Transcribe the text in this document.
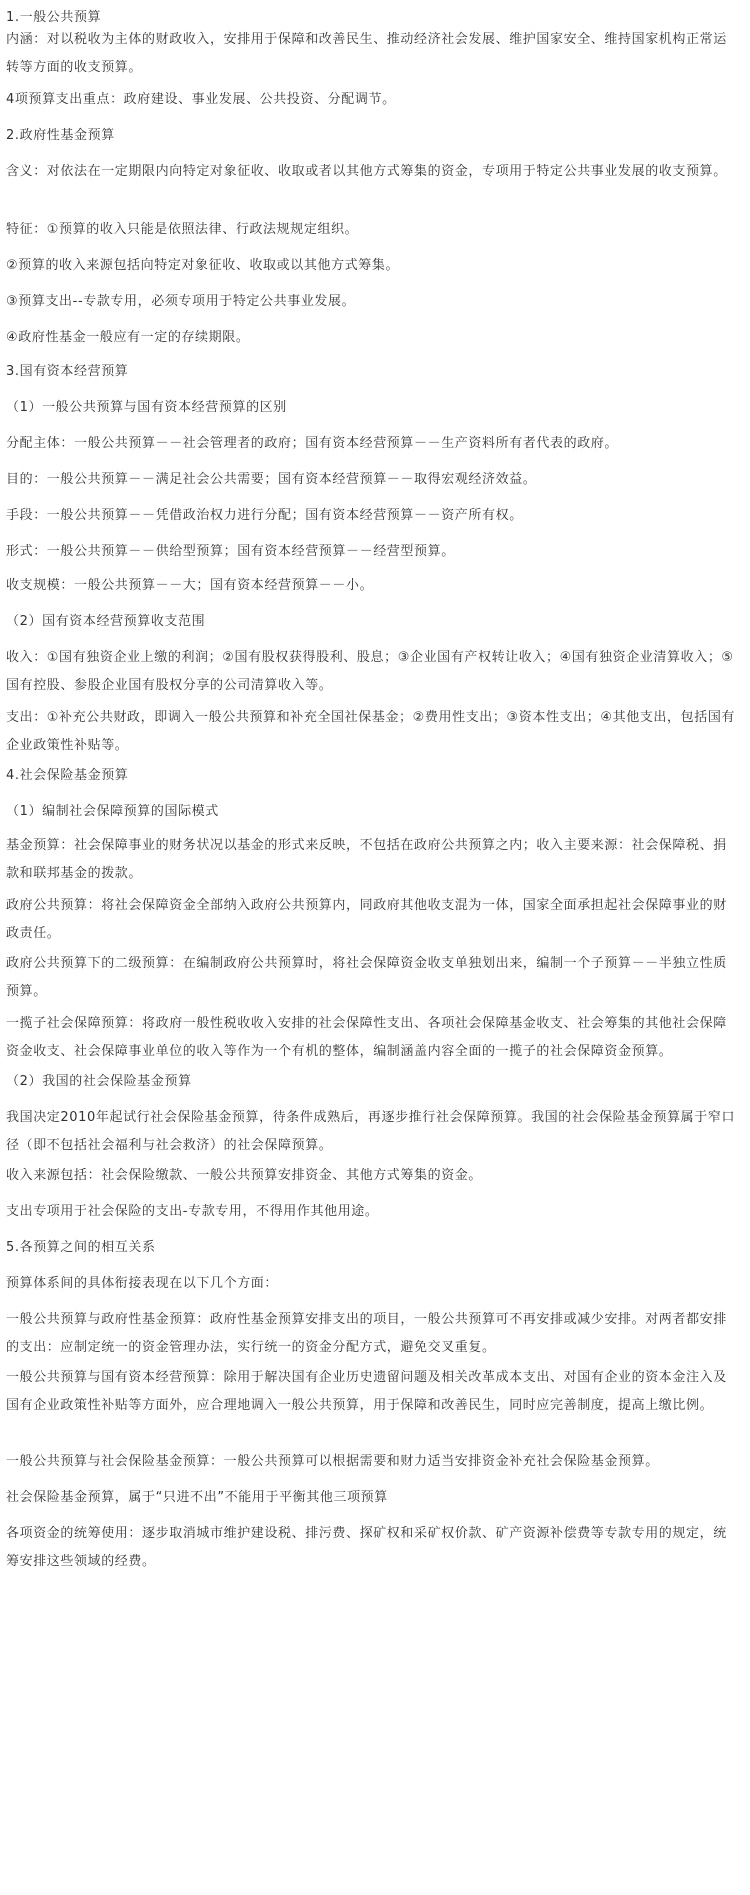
1.一般公共预算
内涵：对以税收为主体的财政收入，安排用于保障和改善民生、推动经济社会发展、维护国家安全、维持国家机构正常运转等方面的收支预算。
4项预算支出重点：政府建设、事业发展、公共投资、分配调节。
2.政府性基金预算
含义：对依法在一定期限内向特定对象征收、收取或者以其他方式筹集的资金，专项用于特定公共事业发展的收支预算。
特征：①预算的收入只能是依照法律、行政法规规定组织。
②预算的收入来源包括向特定对象征收、收取或以其他方式筹集。
③预算支出--专款专用，必须专项用于特定公共事业发展。
④政府性基金一般应有一定的存续期限。
3.国有资本经营预算
（1）一般公共预算与国有资本经营预算的区别
分配主体：一般公共预算－－社会管理者的政府；国有资本经营预算－－生产资料所有者代表的政府。
目的：一般公共预算－－满足社会公共需要；国有资本经营预算－－取得宏观经济效益。
手段：一般公共预算－－凭借政治权力进行分配；国有资本经营预算－－资产所有权。
形式：一般公共预算－－供给型预算；国有资本经营预算－－经营型预算。
收支规模：一般公共预算－－大；国有资本经营预算－－小。
（2）国有资本经营预算收支范围
收入：①国有独资企业上缴的利润；②国有股权获得股利、股息；③企业国有产权转让收入；④国有独资企业清算收入；⑤国有控股、参股企业国有股权分享的公司清算收入等。
支出：①补充公共财政，即调入一般公共预算和补充全国社保基金；②费用性支出；③资本性支出；④其他支出，包括国有企业政策性补贴等。
4.社会保险基金预算
（1）编制社会保障预算的国际模式
基金预算：社会保障事业的财务状况以基金的形式来反映，不包括在政府公共预算之内；收入主要来源：社会保障税、捐款和联邦基金的拨款。
政府公共预算：将社会保障资金全部纳入政府公共预算内，同政府其他收支混为一体，国家全面承担起社会保障事业的财政责任。
政府公共预算下的二级预算：在编制政府公共预算时，将社会保障资金收支单独划出来，编制一个子预算－－半独立性质预算。
一揽子社会保障预算：将政府一般性税收收入安排的社会保障性支出、各项社会保障基金收支、社会筹集的其他社会保障资金收支、社会保障事业单位的收入等作为一个有机的整体，编制涵盖内容全面的一揽子的社会保障资金预算。
（2）我国的社会保险基金预算
我国决定2010年起试行社会保险基金预算，待条件成熟后，再逐步推行社会保障预算。我国的社会保险基金预算属于窄口径（即不包括社会福利与社会救济）的社会保障预算。
收入来源包括：社会保险缴款、一般公共预算安排资金、其他方式筹集的资金。
支出专项用于社会保险的支出-专款专用，不得用作其他用途。
5.各预算之间的相互关系
预算体系间的具体衔接表现在以下几个方面：
一般公共预算与政府性基金预算：政府性基金预算安排支出的项目，一般公共预算可不再安排或减少安排。对两者都安排的支出：应制定统一的资金管理办法，实行统一的资金分配方式，避免交叉重复。
一般公共预算与国有资本经营预算：除用于解决国有企业历史遗留问题及相关改革成本支出、对国有企业的资本金注入及国有企业政策性补贴等方面外，应合理地调入一般公共预算，用于保障和改善民生，同时应完善制度，提高上缴比例。
一般公共预算与社会保险基金预算：一般公共预算可以根据需要和财力适当安排资金补充社会保险基金预算。
社会保险基金预算，属于“只进不出”不能用于平衡其他三项预算
各项资金的统筹使用：逐步取消城市维护建设税、排污费、探矿权和采矿权价款、矿产资源补偿费等专款专用的规定，统筹安排这些领域的经费。
